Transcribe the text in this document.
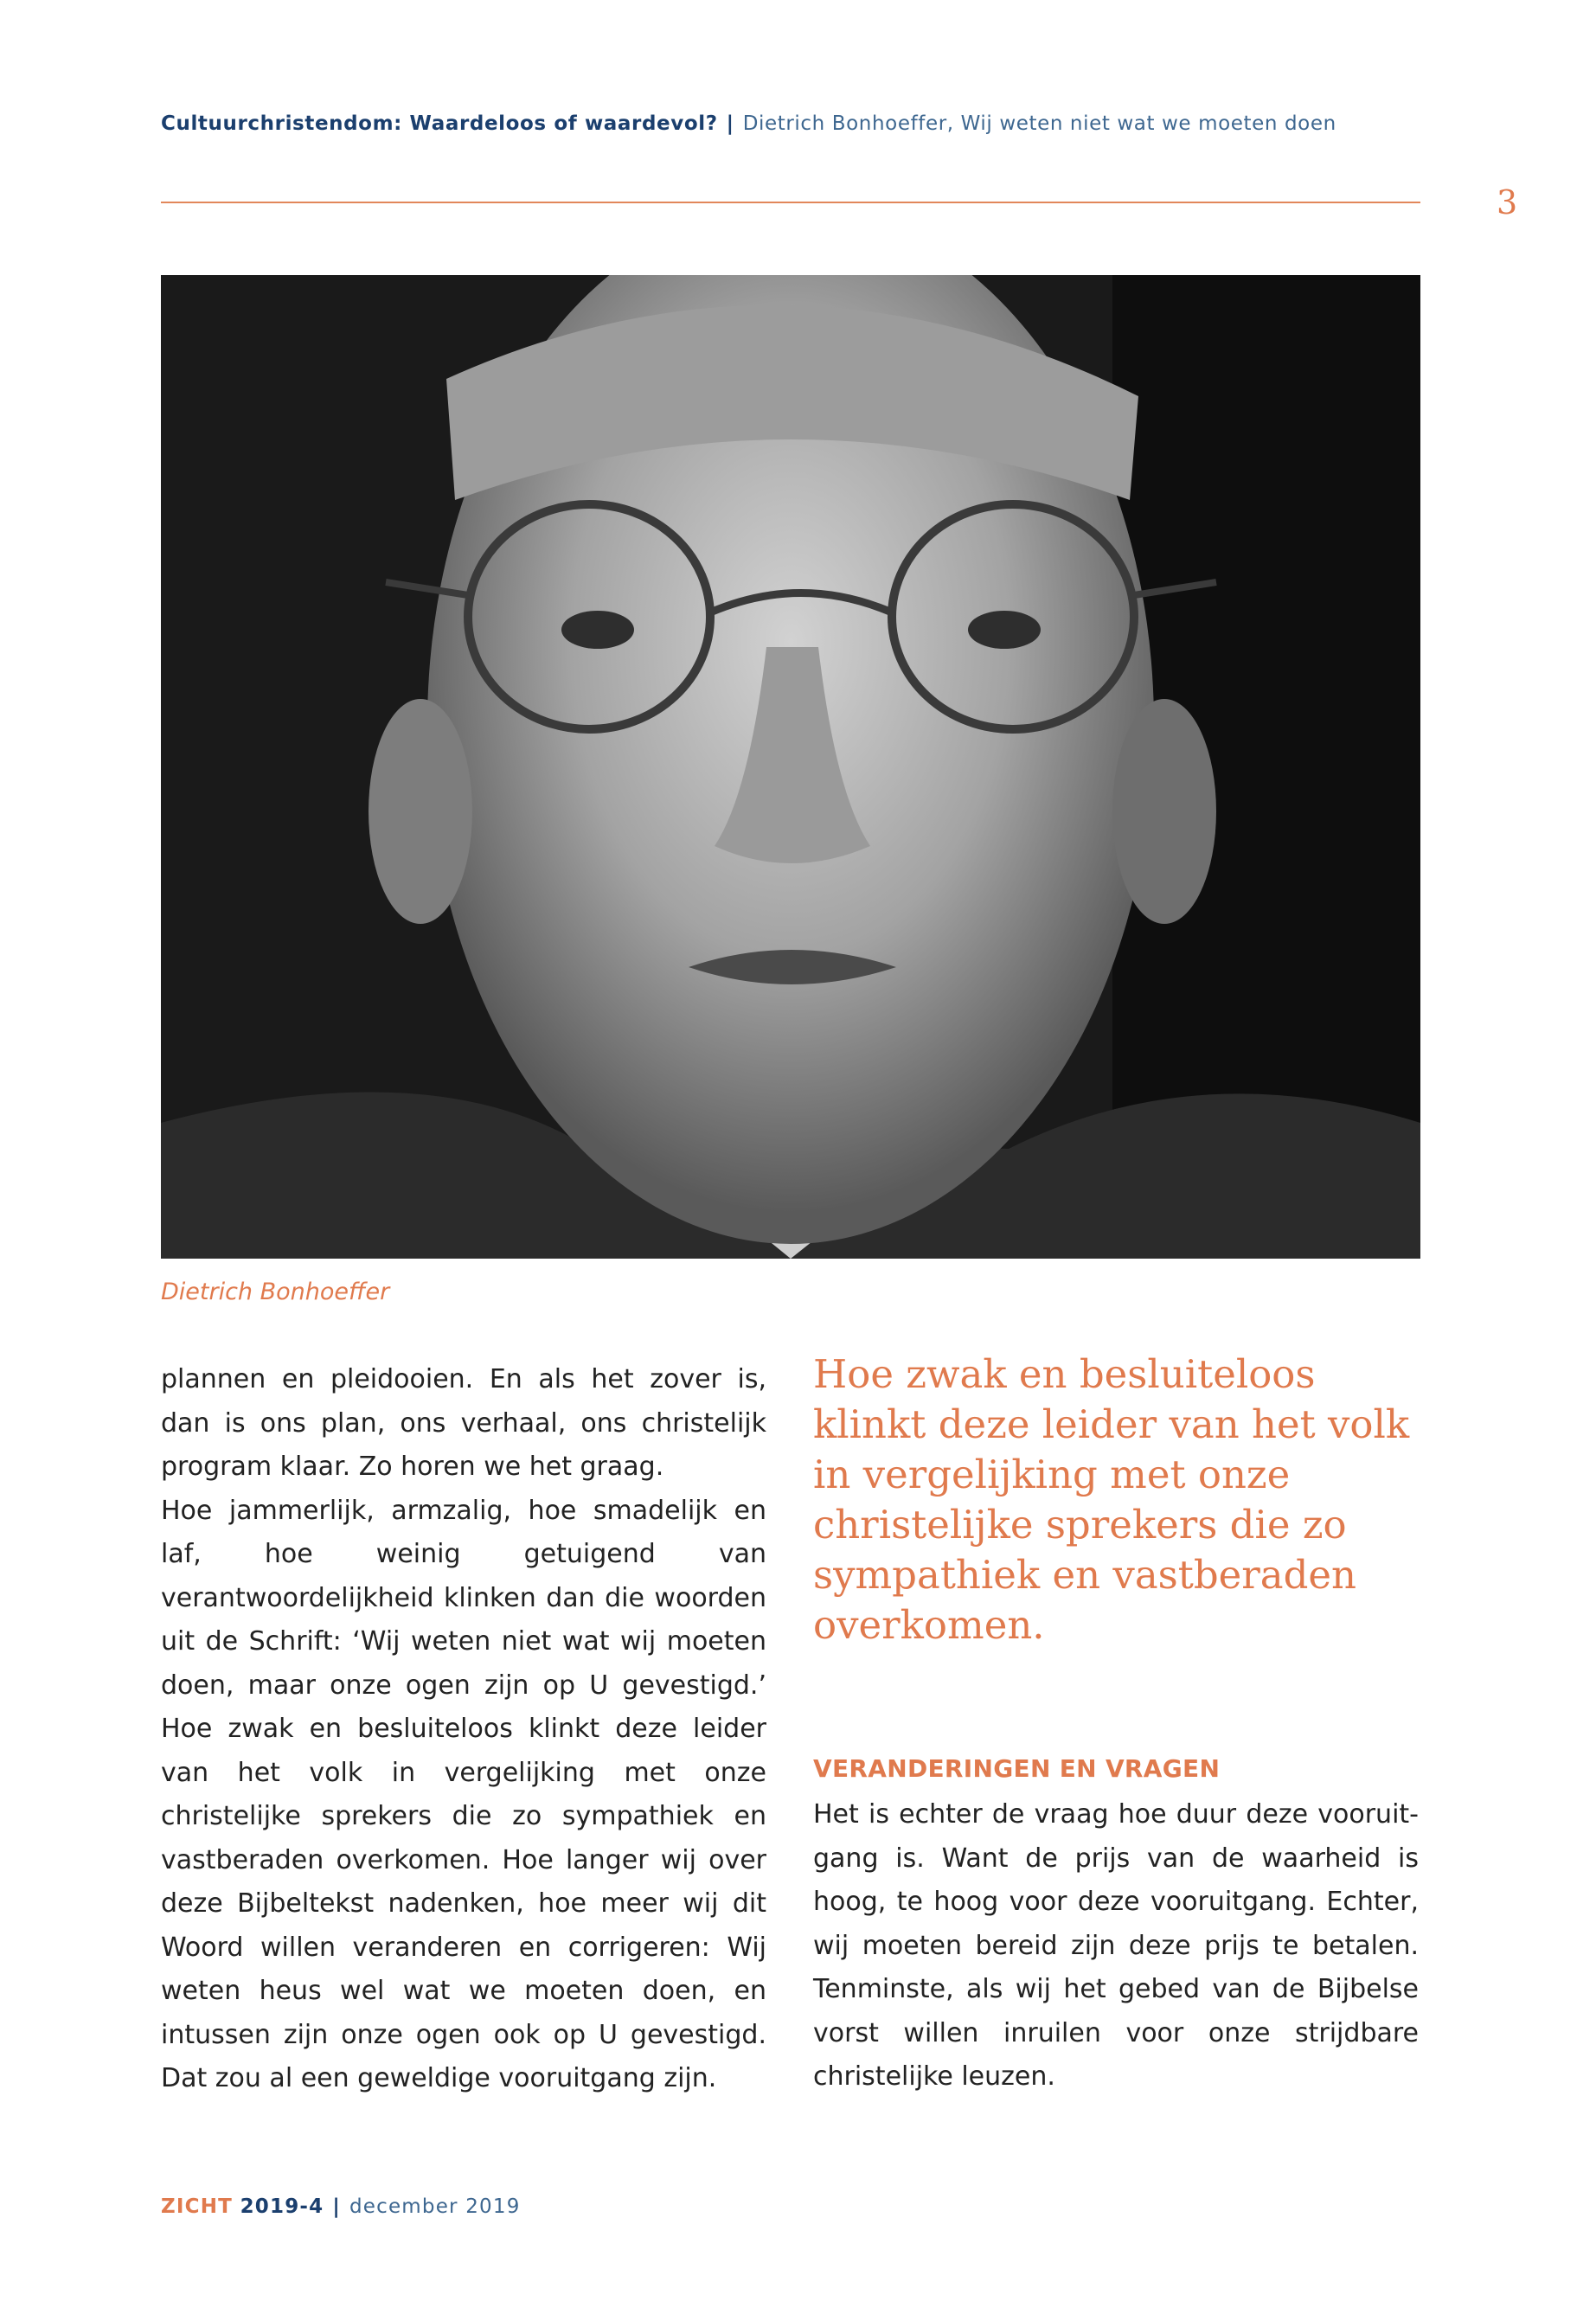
Cultuurchristendom: Waardeloos of waardevol? | Dietrich Bonhoeffer, Wij weten niet wat we moeten doen
3
Dietrich Bonhoeffer

plannen en pleidooien. En als het zover is, dan is ons plan, ons verhaal, ons christelijk program klaar. Zo horen we het graag.

Hoe jammerlijk, armzalig, hoe smadelijk en laf, hoe weinig getuigend van verantwoordelijkheid klinken dan die woorden uit de Schrift: ‘Wij weten niet wat wij moeten doen, maar onze ogen zijn op U gevestigd.’ Hoe zwak en besluiteloos klinkt deze leider van het volk in vergelijking met onze christelijke sprekers die zo sympathiek en vastberaden overkomen. Hoe langer wij over deze Bijbeltekst nadenken, hoe meer wij dit Woord willen veranderen en corrigeren: Wij weten heus wel wat we moeten doen, en intussen zijn onze ogen ook op U gevestigd. Dat zou al een geweldige vooruitgang zijn.

Hoe zwak en besluiteloos klinkt deze leider van het volk in vergelijking met onze christelijke sprekers die zo sympathiek en vastberaden overkomen.
VERANDERINGEN EN VRAGEN
Het is echter de vraag hoe duur deze vooruitgang is. Want de prijs van de waarheid is hoog, te hoog voor deze vooruitgang. Echter, wij moeten bereid zijn deze prijs te betalen. Tenminste, als wij het gebed van de Bijbelse vorst willen inruilen voor onze strijdbare christelijke leuzen.
ZICHT 2019-4 | december 2019
